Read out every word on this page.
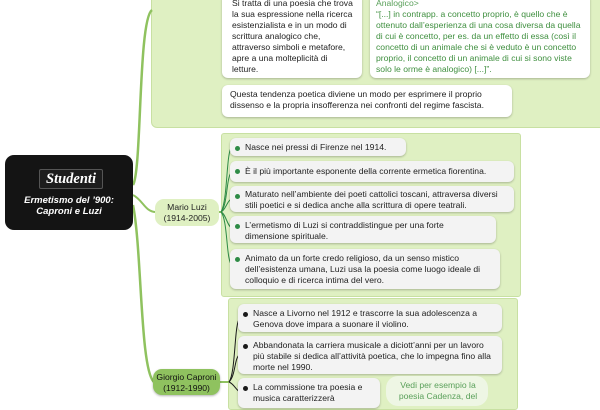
Si tratta di una poesia che trova la sua espressione nella ricerca esistenzialista e in un modo di scrittura analogico che, attraverso simboli e metafore, apre a una molteplicità di letture.
Analogico>
“[...] in contrapp. a concetto proprio, è quello che è ottenuto dall’esperienza di una cosa diversa da quella di cui è concetto, per es. da un effetto di essa (così il concetto di un animale che si è veduto è un concetto proprio, il concetto di un animale di cui si sono viste solo le orme è analogico) [...]”.
Questa tendenza poetica diviene un modo per esprimere il proprio dissenso e la propria insofferenza nei confronti del regime fascista.
Studenti
Ermetismo del ’900:
Caproni e Luzi	Mario Luzi
(1914-2005)
Nasce nei pressi di Firenze nel 1914.
È il più importante esponente della corrente ermetica fiorentina.
Maturato nell’ambiente dei poeti cattolici toscani, attraversa diversi stili poetici e si dedica anche alla scrittura di opere teatrali.
L’ermetismo di Luzi si contraddistingue per una forte dimensione spirituale.
Animato da un forte credo religioso, da un senso mistico dell’esistenza umana, Luzi usa la poesia come luogo ideale di colloquio e di ricerca intima del vero.
Giorgio Caproni
(1912-1990)
Nasce a Livorno nel 1912 e trascorre la sua adolescenza a Genova dove impara a suonare il violino.
Abbandonata la carriera musicale a diciott’anni per un lavoro più stabile si dedica all’attività poetica, che lo impegna fino alla morte nel 1990.
La commissione tra poesia e musica caratterizzerà
Vedi per esempio la poesia Cadenza, del
